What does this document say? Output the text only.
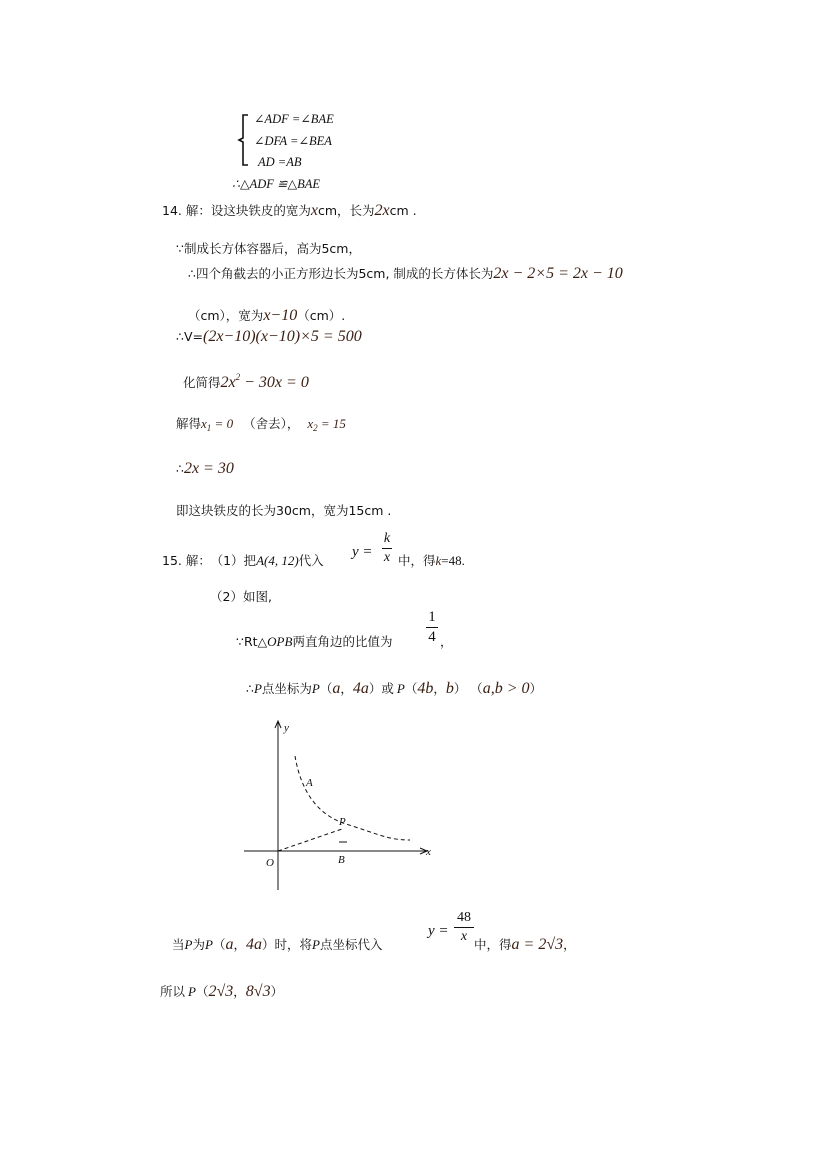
∠ADF =∠BAE
∠DFA =∠BEA
AD =AB
∴△ADF ≌△BAE
14. 解：设这块铁皮的宽为xcm，长为2xcm .
∵制成长方体容器后，高为5cm，
∴四个角截去的小正方形边长为5cm, 制成的长方体长为2x − 2×5 = 2x − 10
（cm），宽为x−10（cm）.
∴V=(2x−10)(x−10)×5 = 500
化简得$2x^2 - 30x = 0$
解得$x_1 = 0$ （舍去）， $x_2 = 15$
∴2x = 30
即这块铁皮的长为30cm，宽为15cm .
15. 解： （1）把A(4, 12)代入
y =
k
x 中，得k=48.
（2）如图,
∵Rt△OPB两直角边的比值为
1
4 ，
∴P点坐标为P（a，4a）或 P（4b，b） （a,b > 0）
y
x
O
A
P
B
当P为P（a，4a）时，将P点坐标代入
y =
48
x
中，得a = 2√3，
所以 P（2√3，8√3）
